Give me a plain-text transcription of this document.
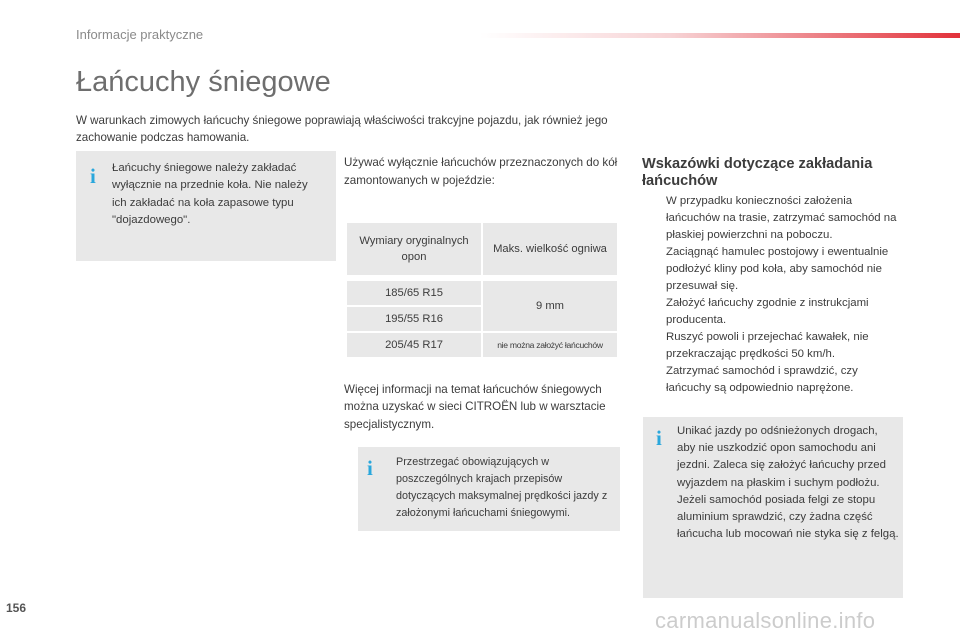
Informacje praktyczne
Łańcuchy śniegowe
W warunkach zimowych łańcuchy śniegowe poprawiają właściwości trakcyjne pojazdu, jak również jego zachowanie podczas hamowania.
i Łańcuchy śniegowe należy zakładać wyłącznie na przednie koła. Nie należy ich zakładać na koła zapasowe typu "dojazdowego".
Używać wyłącznie łańcuchów przeznaczonych do kół zamontowanych w pojeździe:
Wymiary oryginalnych opon	Maks. wielkość ogniwa

185/65 R15	9 mm
195/55 R16	
205/45 R17	nie można założyć łańcuchów
Więcej informacji na temat łańcuchów śniegowych można uzyskać w sieci CITROËN lub w warsztacie specjalistycznym.
i Przestrzegać obowiązujących w poszczególnych krajach przepisów dotyczących maksymalnej prędkości jazdy z założonymi łańcuchami śniegowymi.
Wskazówki dotyczące zakładania łańcuchów
W przypadku konieczności założenia łańcuchów na trasie, zatrzymać samochód na płaskiej powierzchni na poboczu.
Zaciągnąć hamulec postojowy i ewentualnie podłożyć kliny pod koła, aby samochód nie przesuwał się.
Założyć łańcuchy zgodnie z instrukcjami producenta.
Ruszyć powoli i przejechać kawałek, nie przekraczając prędkości 50 km/h.
Zatrzymać samochód i sprawdzić, czy łańcuchy są odpowiednio naprężone.
i Unikać jazdy po odśnieżonych drogach, aby nie uszkodzić opon samochodu ani jezdni. Zaleca się założyć łańcuchy przed wyjazdem na płaskim i suchym podłożu. Jeżeli samochód posiada felgi ze stopu aluminium sprawdzić, czy żadna część łańcucha lub mocowań nie styka się z felgą.
156	carmanualsonline.info
